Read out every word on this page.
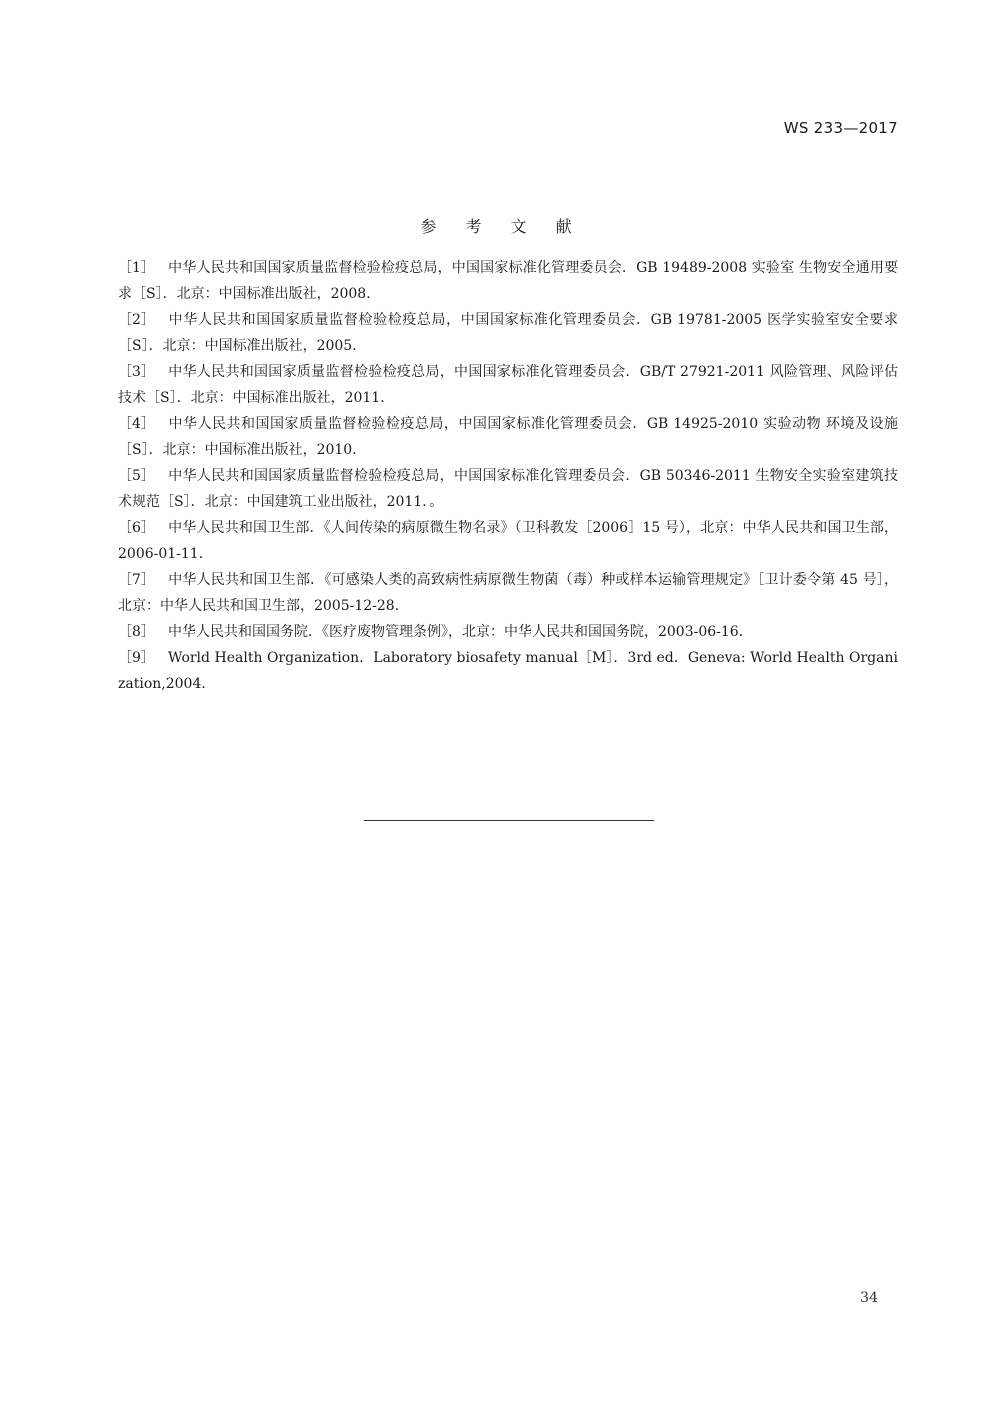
WS 233—2017
参 考 文 献
［1］ 中华人民共和国国家质量监督检验检疫总局，中国国家标准化管理委员会．GB 19489-2008 实验室 生物安全通用要求［S］．北京：中国标准出版社，2008．
［2］ 中华人民共和国国家质量监督检验检疫总局，中国国家标准化管理委员会．GB 19781-2005 医学实验室安全要求［S］．北京：中国标准出版社，2005．
［3］ 中华人民共和国国家质量监督检验检疫总局，中国国家标准化管理委员会．GB/T 27921-2011 风险管理、风险评估技术［S］．北京：中国标准出版社，2011．
［4］ 中华人民共和国国家质量监督检验检疫总局，中国国家标准化管理委员会．GB 14925-2010 实验动物 环境及设施［S］．北京：中国标准出版社，2010．
［5］ 中华人民共和国国家质量监督检验检疫总局，中国国家标准化管理委员会．GB 50346-2011 生物安全实验室建筑技术规范［S］．北京：中国建筑工业出版社，2011．。
［6］ 中华人民共和国卫生部．《人间传染的病原微生物名录》（卫科教发［2006］15 号），北京：中华人民共和国卫生部，2006-01-11．
［7］ 中华人民共和国卫生部．《可感染人类的高致病性病原微生物菌（毒）种或样本运输管理规定》［卫计委令第 45 号］，北京：中华人民共和国卫生部，2005-12-28．
［8］ 中华人民共和国国务院．《医疗废物管理条例》，北京：中华人民共和国国务院，2003-06-16．
［9］ World Health Organization．Laboratory biosafety manual［M］．3rd ed．Geneva: World Health Organization,2004．
34
